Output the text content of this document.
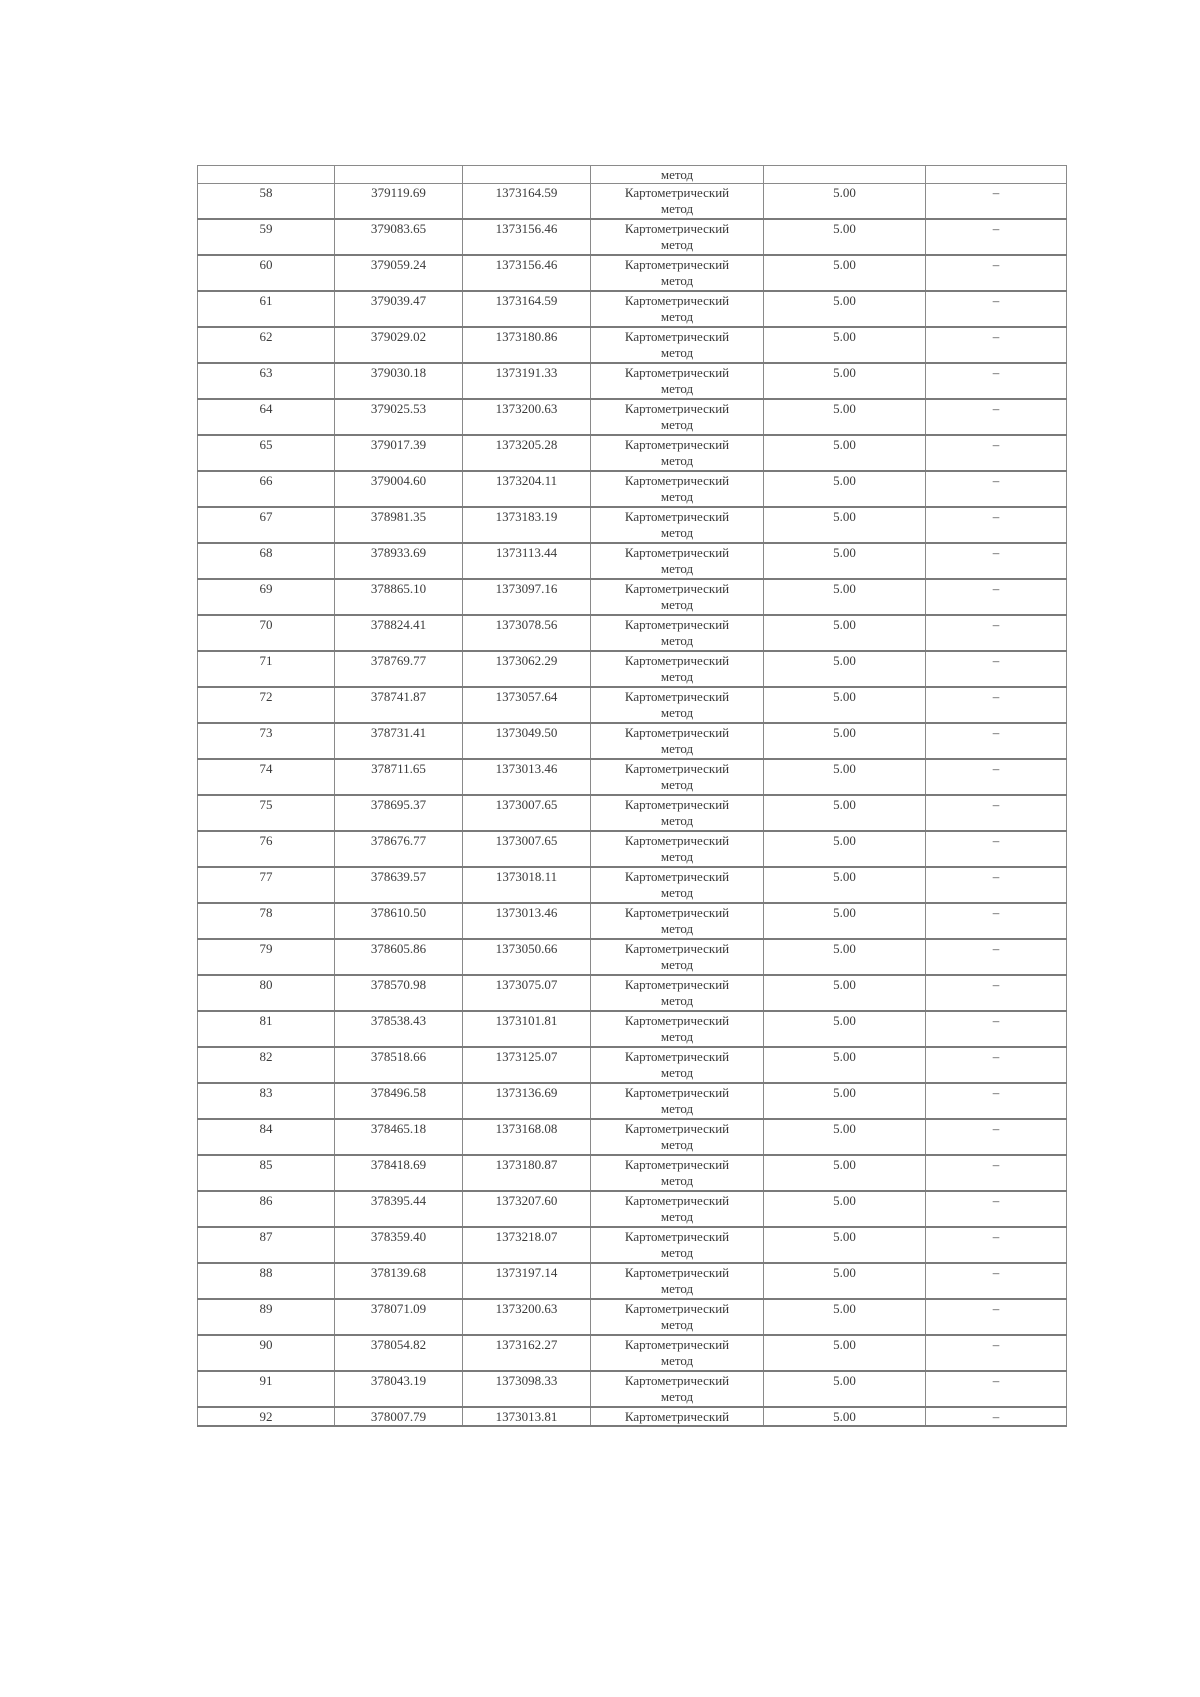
			метод		
58	379119.69	1373164.59	Картометрический
метод	5.00	–
59	379083.65	1373156.46	Картометрический
метод	5.00	–
60	379059.24	1373156.46	Картометрический
метод	5.00	–
61	379039.47	1373164.59	Картометрический
метод	5.00	–
62	379029.02	1373180.86	Картометрический
метод	5.00	–
63	379030.18	1373191.33	Картометрический
метод	5.00	–
64	379025.53	1373200.63	Картометрический
метод	5.00	–
65	379017.39	1373205.28	Картометрический
метод	5.00	–
66	379004.60	1373204.11	Картометрический
метод	5.00	–
67	378981.35	1373183.19	Картометрический
метод	5.00	–
68	378933.69	1373113.44	Картометрический
метод	5.00	–
69	378865.10	1373097.16	Картометрический
метод	5.00	–
70	378824.41	1373078.56	Картометрический
метод	5.00	–
71	378769.77	1373062.29	Картометрический
метод	5.00	–
72	378741.87	1373057.64	Картометрический
метод	5.00	–
73	378731.41	1373049.50	Картометрический
метод	5.00	–
74	378711.65	1373013.46	Картометрический
метод	5.00	–
75	378695.37	1373007.65	Картометрический
метод	5.00	–
76	378676.77	1373007.65	Картометрический
метод	5.00	–
77	378639.57	1373018.11	Картометрический
метод	5.00	–
78	378610.50	1373013.46	Картометрический
метод	5.00	–
79	378605.86	1373050.66	Картометрический
метод	5.00	–
80	378570.98	1373075.07	Картометрический
метод	5.00	–
81	378538.43	1373101.81	Картометрический
метод	5.00	–
82	378518.66	1373125.07	Картометрический
метод	5.00	–
83	378496.58	1373136.69	Картометрический
метод	5.00	–
84	378465.18	1373168.08	Картометрический
метод	5.00	–
85	378418.69	1373180.87	Картометрический
метод	5.00	–
86	378395.44	1373207.60	Картометрический
метод	5.00	–
87	378359.40	1373218.07	Картометрический
метод	5.00	–
88	378139.68	1373197.14	Картометрический
метод	5.00	–
89	378071.09	1373200.63	Картометрический
метод	5.00	–
90	378054.82	1373162.27	Картометрический
метод	5.00	–
91	378043.19	1373098.33	Картометрический
метод	5.00	–
92	378007.79	1373013.81	Картометрический	5.00	–
